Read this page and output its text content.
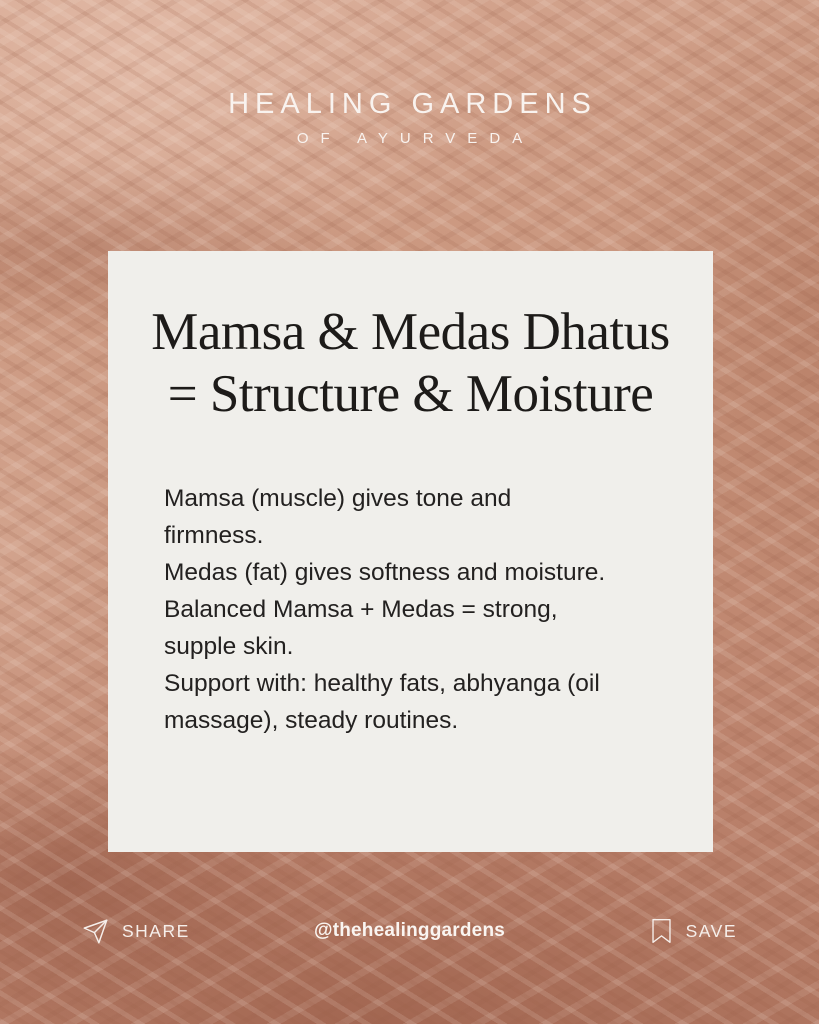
HEALING GARDENS
OF AYURVEDA
Mamsa & Medas Dhatus
= Structure & Moisture
Mamsa (muscle) gives tone and
firmness.
Medas (fat) gives softness and moisture.
Balanced Mamsa + Medas = strong,
supple skin.
Support with: healthy fats, abhyanga (oil
massage), steady routines.
SHARE	@thehealinggardens	SAVE
